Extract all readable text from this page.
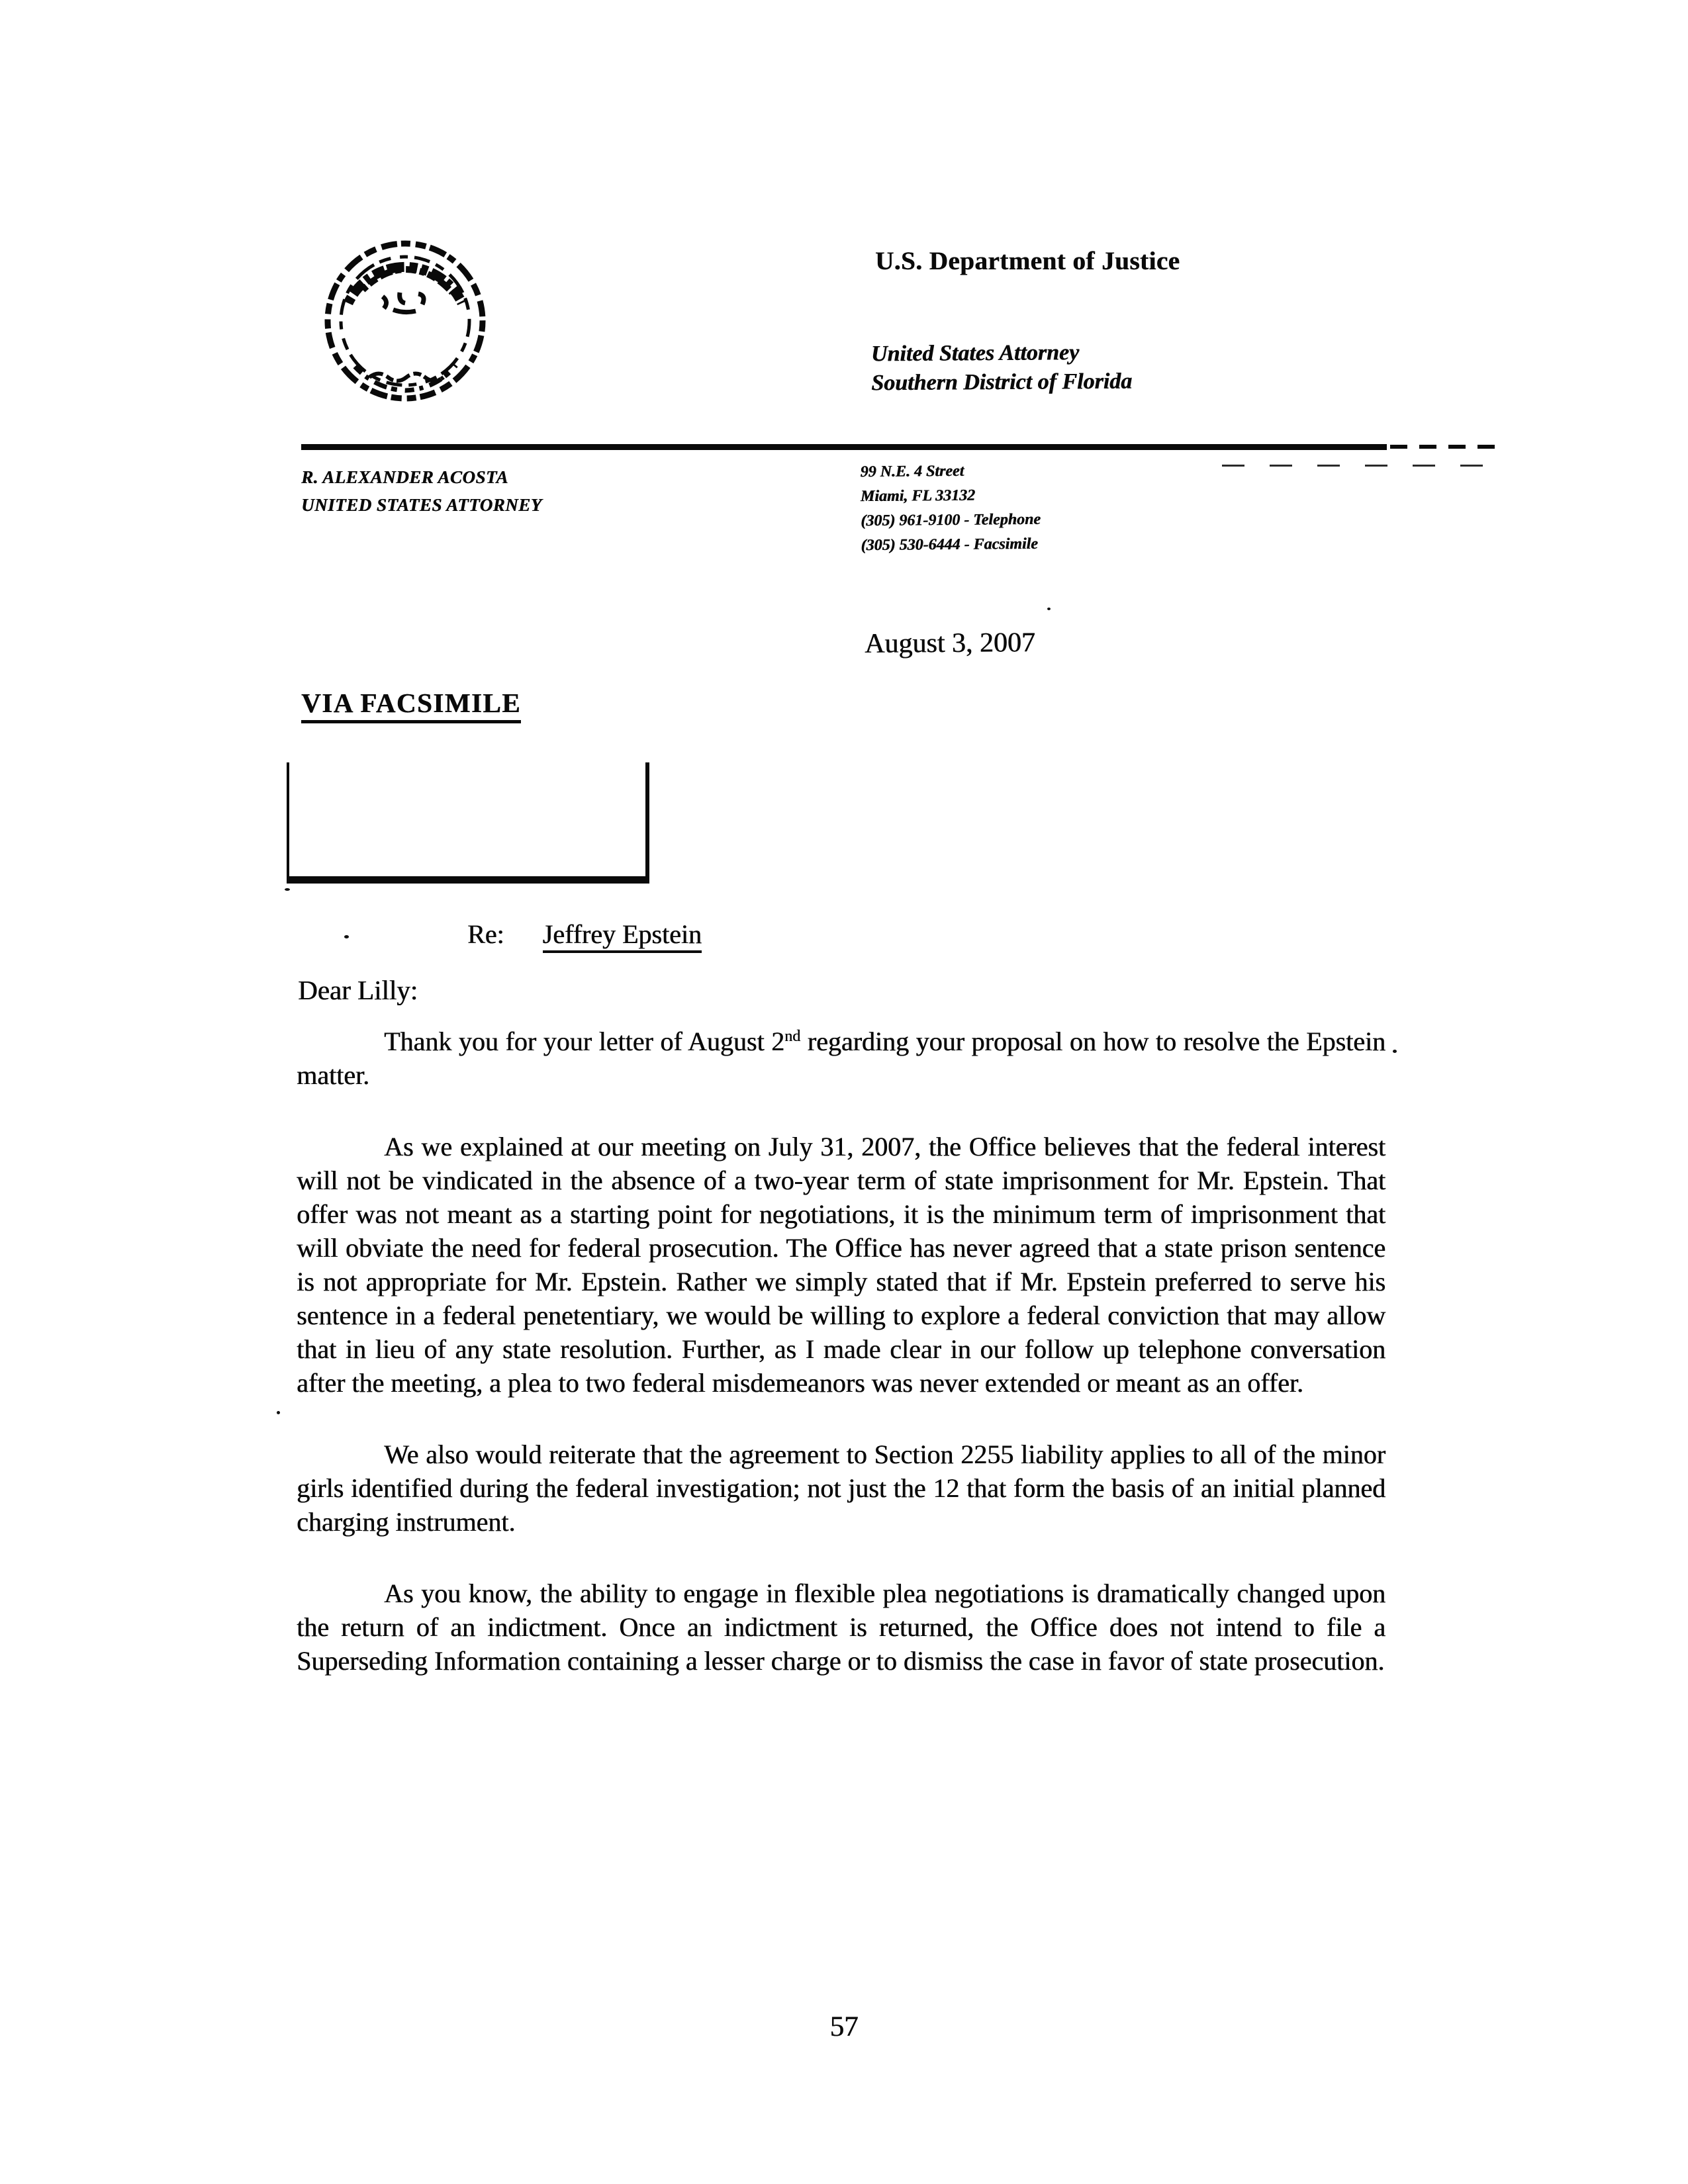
U.S. Department of Justice
United States Attorney
Southern District of Florida
R. ALEXANDER ACOSTA
UNITED STATES ATTORNEY
99 N.E. 4 Street
Miami, FL 33132
(305) 961-9100 - Telephone
(305) 530-6444 - Facsimile
August 3, 2007
VIA FACSIMILE
Re: Jeffrey Epstein
Dear Lilly:

Thank you for your letter of August 2nd regarding your proposal on how to resolve the Epstein matter.

As we explained at our meeting on July 31, 2007, the Office believes that the federal interest will not be vindicated in the absence of a two-year term of state imprisonment for Mr. Epstein. That offer was not meant as a starting point for negotiations, it is the minimum term of imprisonment that will obviate the need for federal prosecution. The Office has never agreed that a state prison sentence is not appropriate for Mr. Epstein. Rather we simply stated that if Mr. Epstein preferred to serve his sentence in a federal penetentiary, we would be willing to explore a federal conviction that may allow that in lieu of any state resolution. Further, as I made clear in our follow up telephone conversation after the meeting, a plea to two federal misdemeanors was never extended or meant as an offer.

We also would reiterate that the agreement to Section 2255 liability applies to all of the minor girls identified during the federal investigation; not just the 12 that form the basis of an initial planned charging instrument.

As you know, the ability to engage in flexible plea negotiations is dramatically changed upon the return of an indictment. Once an indictment is returned, the Office does not intend to file a Superseding Information containing a lesser charge or to dismiss the case in favor of state prosecution.

57
